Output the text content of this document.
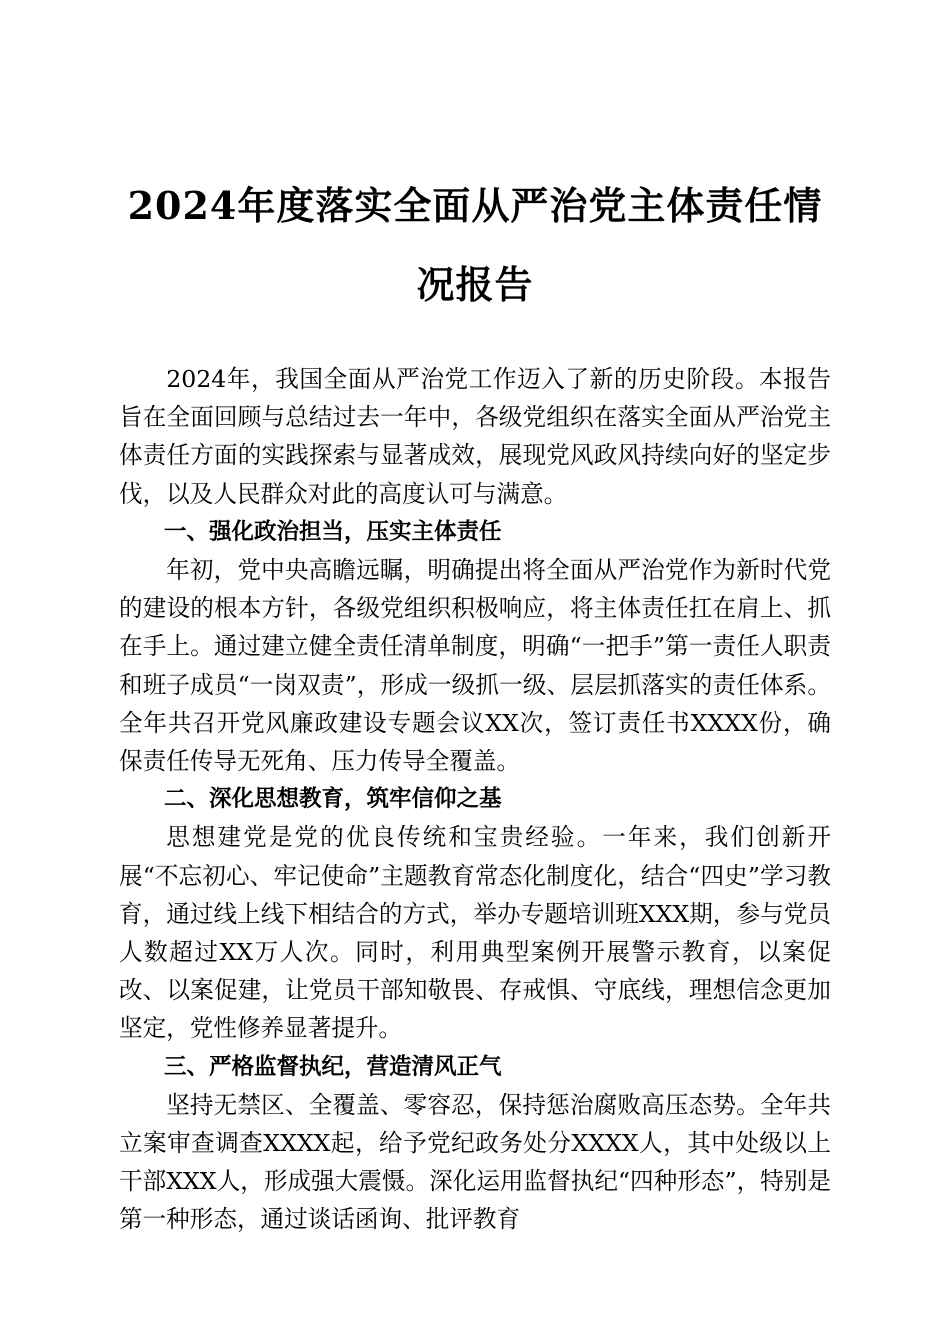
2024年度落实全面从严治党主体责任情况报告

2024年，我国全面从严治党工作迈入了新的历史阶段。本报告旨在全面回顾与总结过去一年中，各级党组织在落实全面从严治党主体责任方面的实践探索与显著成效，展现党风政风持续向好的坚定步伐，以及人民群众对此的高度认可与满意。

一、强化政治担当，压实主体责任

年初，党中央高瞻远瞩，明确提出将全面从严治党作为新时代党的建设的根本方针，各级党组织积极响应，将主体责任扛在肩上、抓在手上。通过建立健全责任清单制度，明确“一把手”第一责任人职责和班子成员“一岗双责”，形成一级抓一级、层层抓落实的责任体系。全年共召开党风廉政建设专题会议XX次，签订责任书XXXX份，确保责任传导无死角、压力传导全覆盖。

二、深化思想教育，筑牢信仰之基

思想建党是党的优良传统和宝贵经验。一年来，我们创新开展“不忘初心、牢记使命”主题教育常态化制度化，结合“四史”学习教育，通过线上线下相结合的方式，举办专题培训班XXX期，参与党员人数超过XX万人次。同时，利用典型案例开展警示教育，以案促改、以案促建，让党员干部知敬畏、存戒惧、守底线，理想信念更加坚定，党性修养显著提升。

三、严格监督执纪，营造清风正气

坚持无禁区、全覆盖、零容忍，保持惩治腐败高压态势。全年共立案审查调查XXXX起，给予党纪政务处分XXXX人，其中处级以上干部XXX人，形成强大震慑。深化运用监督执纪“四种形态”，特别是第一种形态，通过谈话函询、批评教育
